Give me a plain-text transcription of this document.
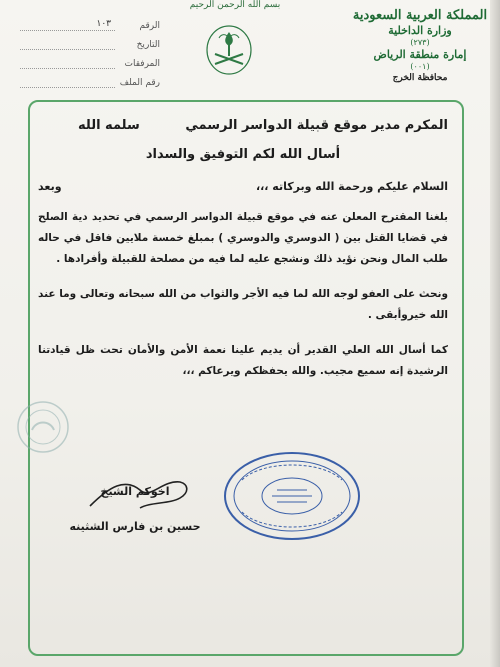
المملكة العربية السعودية
وزارة الداخلية
(٢٧٣)
إمارة منطقة الرياض
(٠٠١)
محافظة الخرج
بسم الله الرحمن الرحيم
الرقم
١٠٣
التاريخ
المرفقات
رقم الملف
المكرم مدير موقع قبيلة الدواسر الرسمي
سلمه الله
أسال الله لكم التوفيق والسداد
السلام عليكم ورحمة الله وبركاته ،،،
وبعد
بلغنا المقترح المعلن عنه في موقع قبيلة الدواسر الرسمي في تحديد دية الصلح في قضايا القتل بين ( الدوسري والدوسري ) بمبلغ خمسة ملايين فاقل في حاله طلب المال ونحن نؤيد ذلك ونشجع عليه لما فيه من مصلحة للقبيلة وأفرادها .
ونحث على العفو لوجه الله لما فيه الأجر والثواب من الله سبحانه وتعالى وما عند الله خيروأبقى .
كما أسال الله العلي القدير أن يديم علينا نعمة الأمن والأمان تحت ظل قيادتنا الرشيدة إنه سميع مجيب. والله يحفظكم ويرعاكم ،،،
اخوكم الشيخ
حسين بن فارس الشثينه
